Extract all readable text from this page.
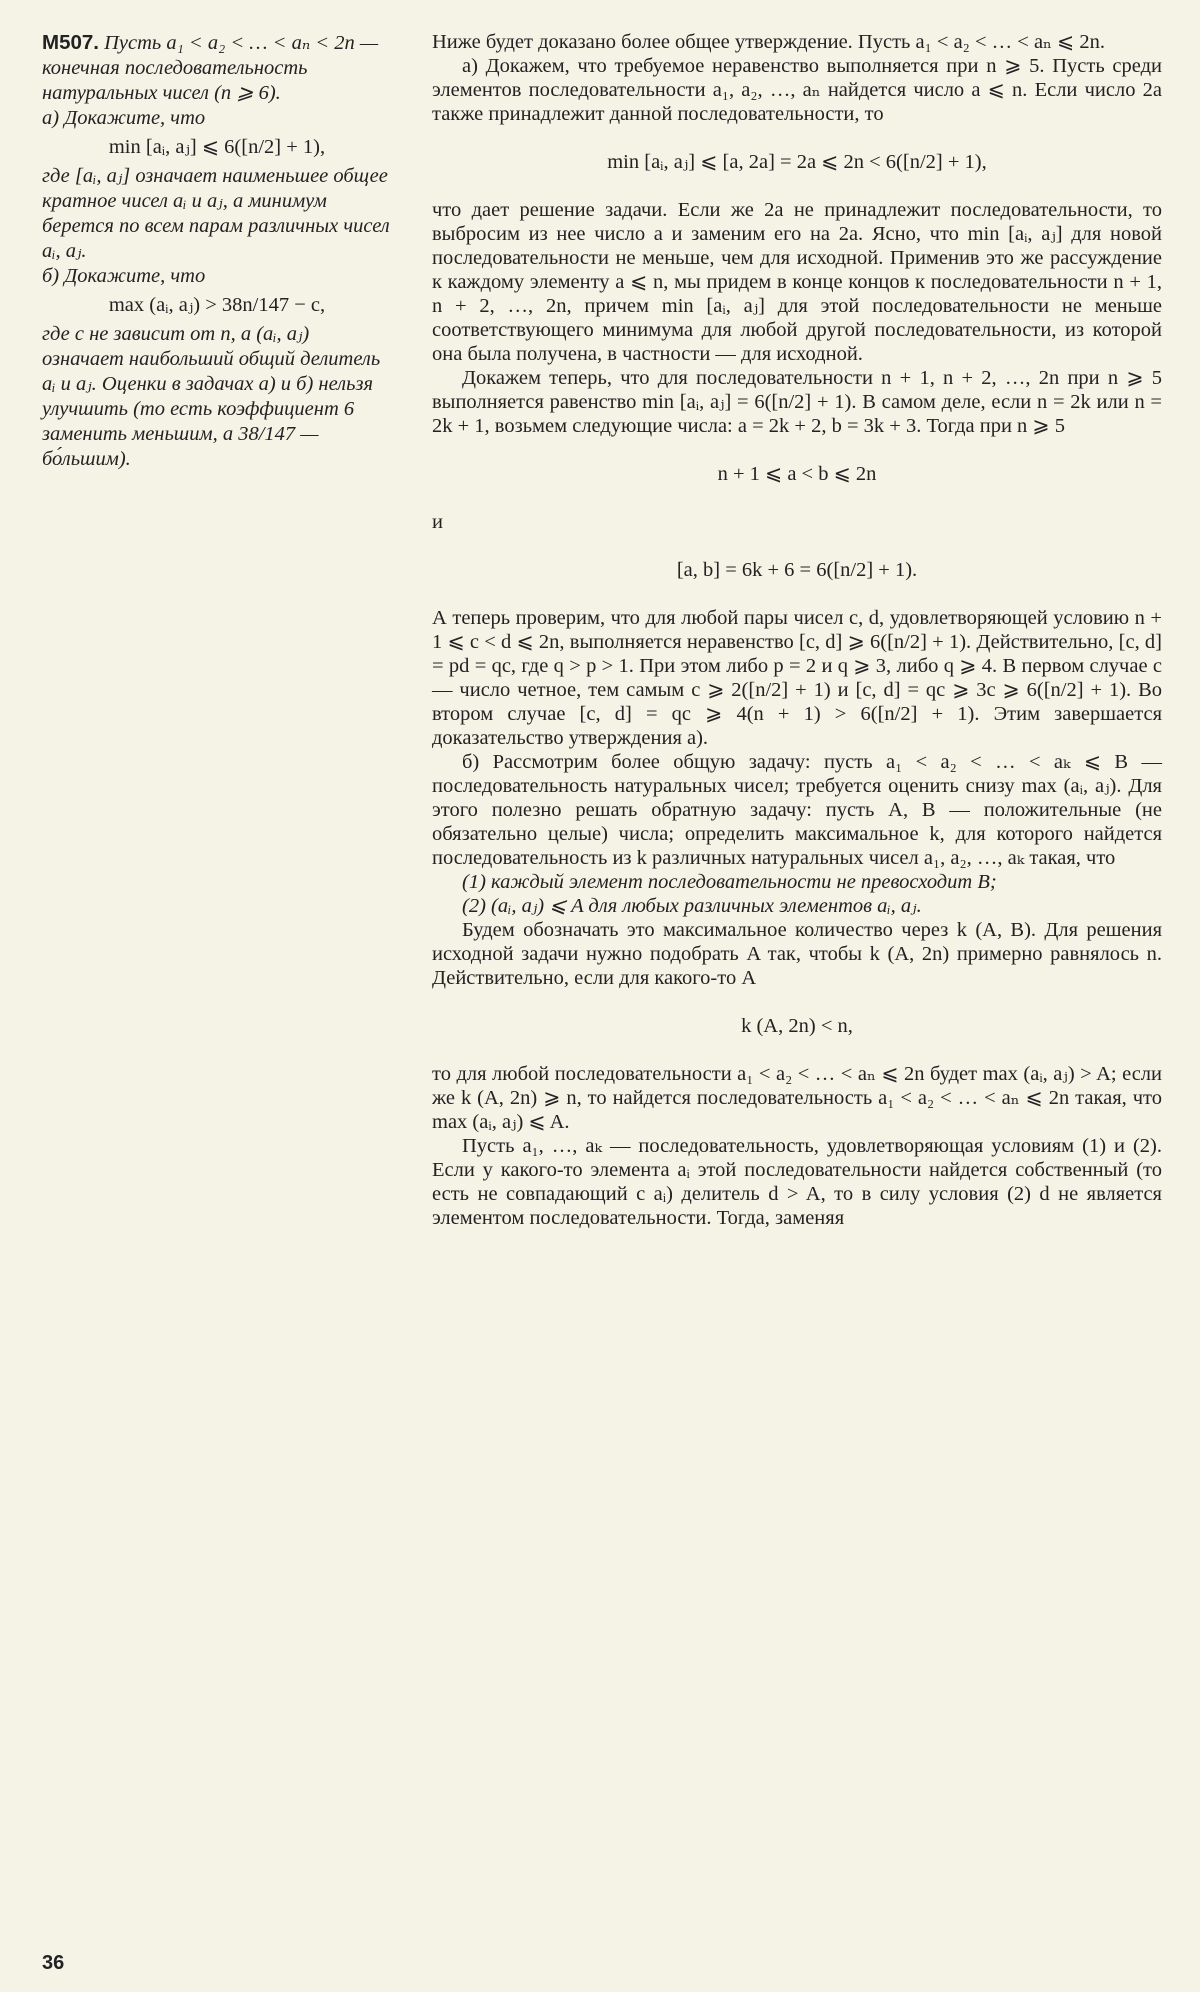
М507. Пусть a₁ < a₂ < … < aₙ < 2n — конечная последовательность натуральных чисел (n ⩾ 6).
а) Докажите, что
min [aᵢ, aⱼ] ⩽ 6([n/2] + 1),
где [aᵢ, aⱼ] означает наименьшее общее кратное чисел aᵢ и aⱼ, а минимум берется по всем парам различных чисел aᵢ, aⱼ.
б) Докажите, что
max (aᵢ, aⱼ) > 38n/147 − c,
где c не зависит от n, а (aᵢ, aⱼ) означает наибольший общий делитель aᵢ и aⱼ. Оценки в задачах а) и б) нельзя улучшить (то есть коэффициент 6 заменить меньшим, а 38/147 — бо́льшим).

Ниже будет доказано более общее утверждение. Пусть a₁ < a₂ < … < aₙ ⩽ 2n.

а) Докажем, что требуемое неравенство выполняется при n ⩾ 5. Пусть среди элементов последовательности a₁, a₂, …, aₙ найдется число a ⩽ n. Если число 2a также принадлежит данной последовательности, то

min [aᵢ, aⱼ] ⩽ [a, 2a] = 2a ⩽ 2n < 6([n/2] + 1),

что дает решение задачи. Если же 2a не принадлежит последовательности, то выбросим из нее число a и заменим его на 2a. Ясно, что min [aᵢ, aⱼ] для новой последовательности не меньше, чем для исходной. Применив это же рассуждение к каждому элементу a ⩽ n, мы придем в конце концов к последовательности n + 1, n + 2, …, 2n, причем min [aᵢ, aⱼ] для этой последовательности не меньше соответствующего минимума для любой другой последовательности, из которой она была получена, в частности — для исходной.

Докажем теперь, что для последовательности n + 1, n + 2, …, 2n при n ⩾ 5 выполняется равенство min [aᵢ, aⱼ] = 6([n/2] + 1). В самом деле, если n = 2k или n = 2k + 1, возьмем следующие числа: a = 2k + 2, b = 3k + 3. Тогда при n ⩾ 5

n + 1 ⩽ a < b ⩽ 2n

и

[a, b] = 6k + 6 = 6([n/2] + 1).

А теперь проверим, что для любой пары чисел c, d, удовлетворяющей условию n + 1 ⩽ c < d ⩽ 2n, выполняется неравенство [c, d] ⩾ 6([n/2] + 1). Действительно, [c, d] = pd = qc, где q > p > 1. При этом либо p = 2 и q ⩾ 3, либо q ⩾ 4. В первом случае c — число четное, тем самым c ⩾ 2([n/2] + 1) и [c, d] = qc ⩾ 3c ⩾ 6([n/2] + 1). Во втором случае [c, d] = qc ⩾ 4(n + 1) > 6([n/2] + 1). Этим завершается доказательство утверждения а).

б) Рассмотрим более общую задачу: пусть a₁ < a₂ < … < aₖ ⩽ B — последовательность натуральных чисел; требуется оценить снизу max (aᵢ, aⱼ). Для этого полезно решать обратную задачу: пусть A, B — положительные (не обязательно целые) числа; определить максимальное k, для которого найдется последовательность из k различных натуральных чисел a₁, a₂, …, aₖ такая, что

(1) каждый элемент последовательности не превосходит B;

(2) (aᵢ, aⱼ) ⩽ A для любых различных элементов aᵢ, aⱼ.

Будем обозначать это максимальное количество через k (A, B). Для решения исходной задачи нужно подобрать A так, чтобы k (A, 2n) примерно равнялось n. Действительно, если для какого-то A

k (A, 2n) < n,

то для любой последовательности a₁ < a₂ < … < aₙ ⩽ 2n будет max (aᵢ, aⱼ) > A; если же k (A, 2n) ⩾ n, то найдется последовательность a₁ < a₂ < … < aₙ ⩽ 2n такая, что max (aᵢ, aⱼ) ⩽ A.

Пусть a₁, …, aₖ — последовательность, удовлетворяющая условиям (1) и (2). Если у какого-то элемента aᵢ этой последовательности найдется собственный (то есть не совпадающий с aᵢ) делитель d > A, то в силу условия (2) d не является элементом последовательности. Тогда, заменяя

36
